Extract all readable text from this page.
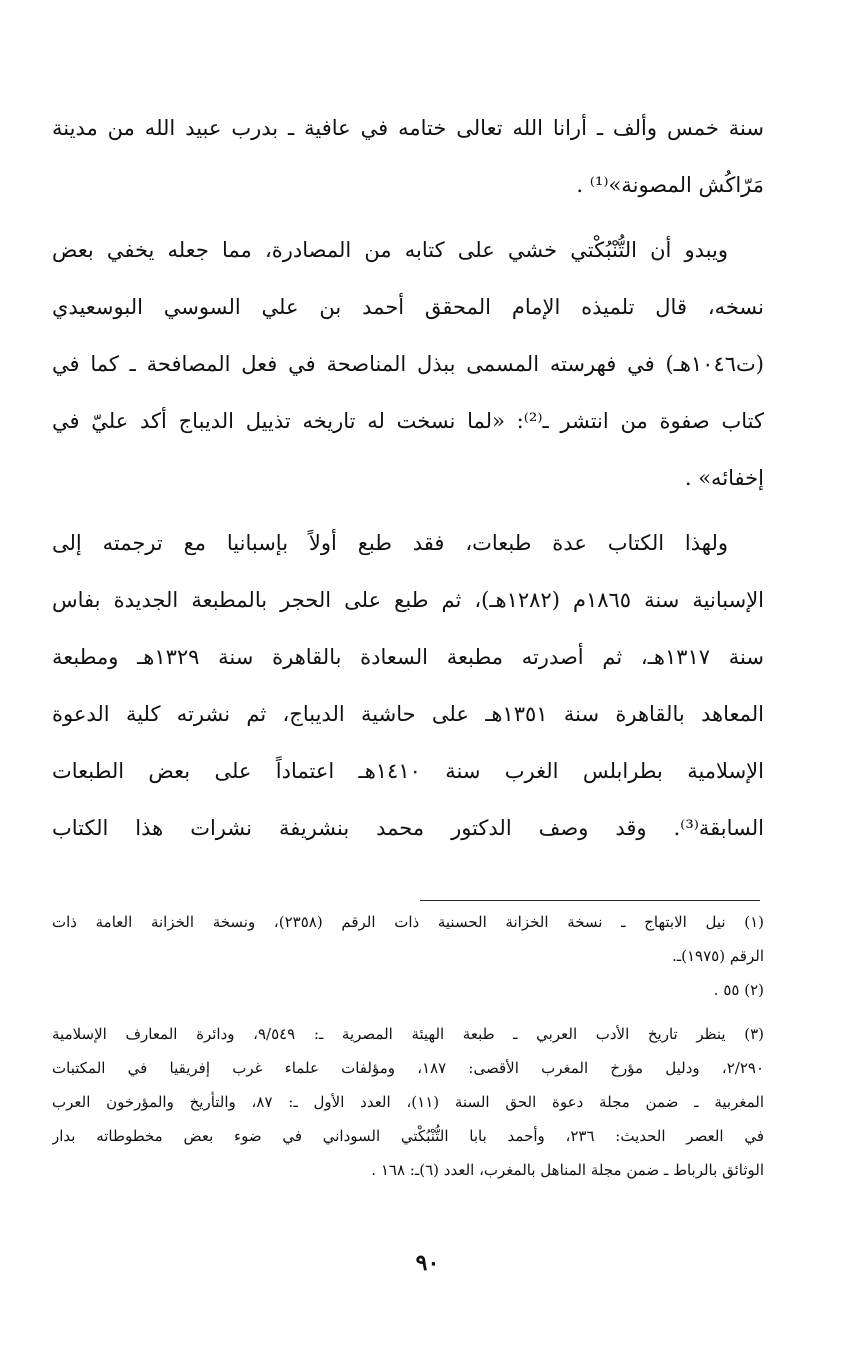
سنة خمس وألف ـ أرانا الله تعالى ختامه في عافية ـ بدرب عبيد الله من مدينة
مَرّاكُش المصونة»⁽¹⁾ .
ويبدو أن التُّنْبُكْتي خشي على كتابه من المصادرة، مما جعله يخفي بعض
نسخه، قال تلميذه الإمام المحقق أحمد بن علي السوسي البوسعيدي
(ت١٠٤٦هـ) في فهرسته المسمى ببذل المناصحة في فعل المصافحة ـ كما في
كتاب صفوة من انتشر ـ⁽²⁾: «لما نسخت له تاريخه تذييل الديباج أكد عليّ في
إخفائه» .
ولهذا الكتاب عدة طبعات، فقد طبع أولاً بإسبانيا مع ترجمته إلى
الإسبانية سنة ١٨٦٥م (١٢٨٢هـ)، ثم طبع على الحجر بالمطبعة الجديدة بفاس
سنة ١٣١٧هـ، ثم أصدرته مطبعة السعادة بالقاهرة سنة ١٣٢٩هـ ومطبعة
المعاهد بالقاهرة سنة ١٣٥١هـ على حاشية الديباج، ثم نشرته كلية الدعوة
الإسلامية بطرابلس الغرب سنة ١٤١٠هـ اعتماداً على بعض الطبعات
السابقة⁽³⁾. وقد وصف الدكتور محمد بنشريفة نشرات هذا الكتاب
(١) نيل الابتهاج ـ نسخة الخزانة الحسنية ذات الرقم (٢٣٥٨)، ونسخة الخزانة العامة ذات
الرقم (١٩٧٥)ـ.
(٢) ٥٥ .
(٣) ينظر تاريخ الأدب العربي ـ طبعة الهيئة المصرية ـ: ٩/٥٤٩، ودائرة المعارف الإسلامية
٢/٢٩٠، ودليل مؤرخ المغرب الأقصى: ١٨٧، ومؤلفات علماء غرب إفريقيا في المكتبات
المغربية ـ ضمن مجلة دعوة الحق السنة (١١)، العدد الأول ـ: ٨٧، والتأريخ والمؤرخون العرب
في العصر الحديث: ٢٣٦، وأحمد بابا التُّنْبُكْتي السوداني في ضوء بعض مخطوطاته بدار
الوثائق بالرباط ـ ضمن مجلة المناهل بالمغرب، العدد (٦)ـ: ١٦٨ .
٩٠
